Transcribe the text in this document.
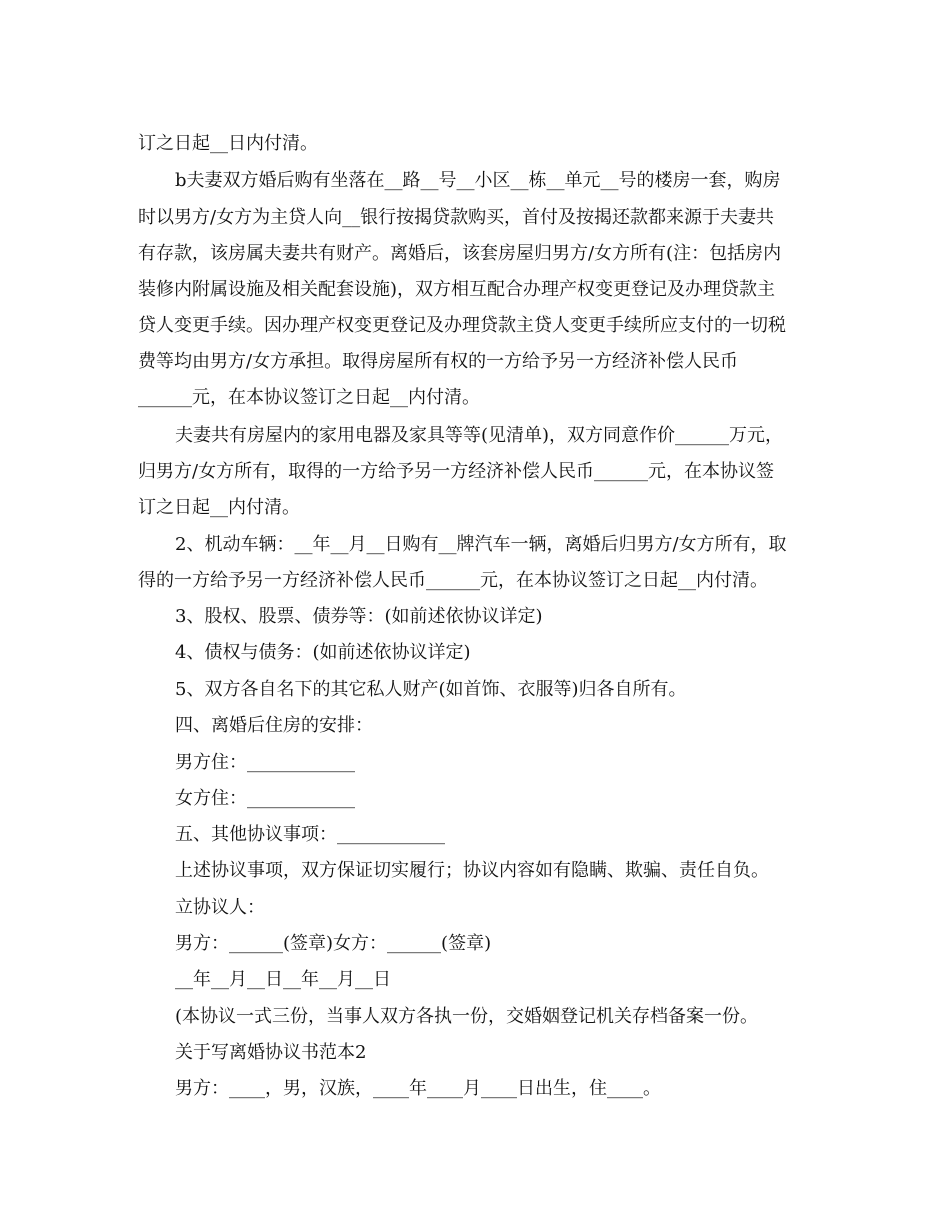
订之日起__日内付清。
b夫妻双方婚后购有坐落在__路__号__小区__栋__单元__号的楼房一套，购房
时以男方/女方为主贷人向__银行按揭贷款购买，首付及按揭还款都来源于夫妻共
有存款，该房属夫妻共有财产。离婚后，该套房屋归男方/女方所有(注：包括房内
装修内附属设施及相关配套设施)，双方相互配合办理产权变更登记及办理贷款主
贷人变更手续。因办理产权变更登记及办理贷款主贷人变更手续所应支付的一切税
费等均由男方/女方承担。取得房屋所有权的一方给予另一方经济补偿人民币
______元，在本协议签订之日起__内付清。
夫妻共有房屋内的家用电器及家具等等(见清单)，双方同意作价______万元，
归男方/女方所有，取得的一方给予另一方经济补偿人民币______元，在本协议签
订之日起__内付清。
2、机动车辆：__年__月__日购有__牌汽车一辆，离婚后归男方/女方所有，取
得的一方给予另一方经济补偿人民币______元，在本协议签订之日起__内付清。
3、股权、股票、债券等：(如前述依协议详定)
4、债权与债务：(如前述依协议详定)
5、双方各自名下的其它私人财产(如首饰、衣服等)归各自所有。
四、离婚后住房的安排：
男方住：____________
女方住：____________
五、其他协议事项：____________
上述协议事项，双方保证切实履行；协议内容如有隐瞒、欺骗、责任自负。
立协议人：
男方：______(签章)女方：______(签章)
__年__月__日__年__月__日
(本协议一式三份，当事人双方各执一份，交婚姻登记机关存档备案一份。
关于写离婚协议书范本2
男方：____，男，汉族，____年____月____日出生，住____。
